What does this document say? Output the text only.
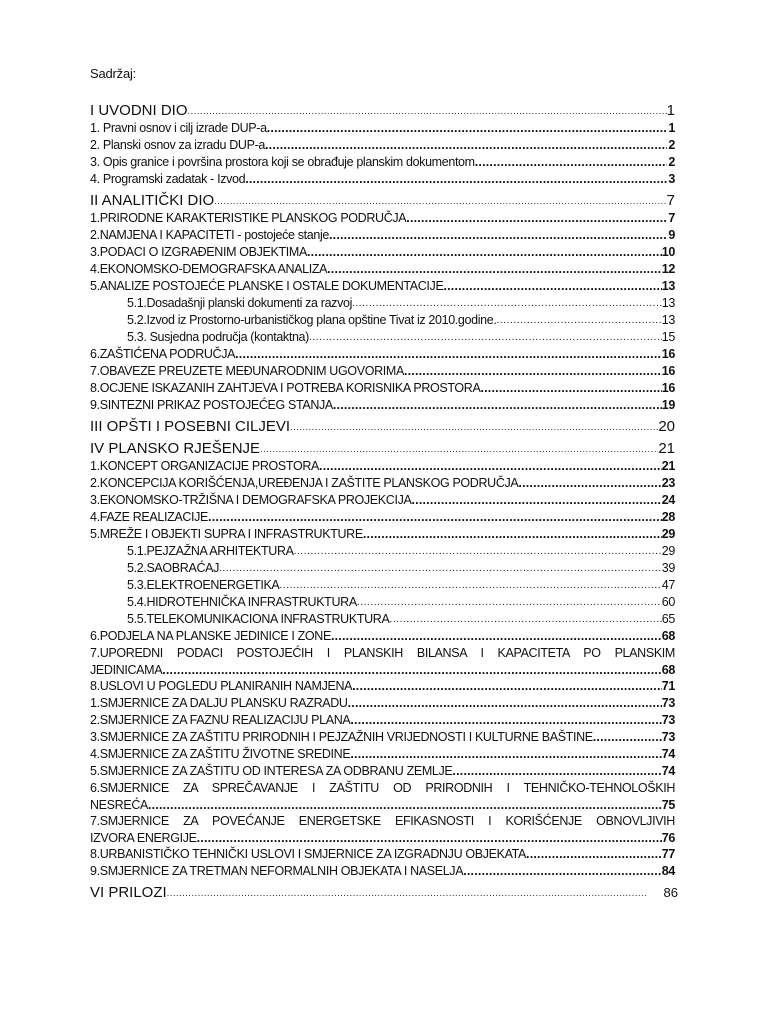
Sadržaj:
I UVODNI DIO .....	1
1. Pravni osnov i cilj izrade DUP-a .....	1
2. Planski osnov za izradu DUP-a .....	2
3. Opis granice i površina prostora koji se obrađuje planskim dokumentom .....	2
4. Programski zadatak - Izvod .....	3
II ANALITIČKI DIO .....	7
1.PRIRODNE KARAKTERISTIKE PLANSKOG PODRUČJA .....	7
2.NAMJENA I KAPACITETI - postojeće stanje .....	9
3.PODACI O IZGRAĐENIM OBJEKTIMA .....	10
4.EKONOMSKO-DEMOGRAFSKA ANALIZA .....	12
5.ANALIZE POSTOJEĆE PLANSKE I OSTALE DOKUMENTACIJE .....	13
5.1.Dosadašnji planski dokumenti za razvoj .....	13
5.2.Izvod iz Prostorno-urbanističkog plana opštine Tivat iz 2010.godine. .....	13
5.3. Susjedna područja (kontaktna) .....	15
6.ZAŠTIĆENA PODRUČJA .....	16
7.OBAVEZE PREUZETE MEĐUNARODNIM UGOVORIMA .....	16
8.OCJENE ISKAZANIH ZAHTJEVA I POTREBA KORISNIKA PROSTORA .....	16
9.SINTEZNI PRIKAZ POSTOJEĆEG STANJA .....	19
III OPŠTI I POSEBNI CILJEVI .....	20
IV PLANSKO RJEŠENJE .....	21
1.KONCEPT ORGANIZACIJE PROSTORA .....	21
2.KONCEPCIJA KORIŠĆENJA,UREĐENJA I ZAŠTITE PLANSKOG PODRUČJA .....	23
3.EKONOMSKO-TRŽIŠNA I DEMOGRAFSKA PROJEKCIJA .....	24
4.FAZE REALIZACIJE .....	28
5.MREŽE I OBJEKTI SUPRA I INFRASTRUKTURE .....	29
5.1.PEJZAŽNA ARHITEKTURA .....	29
5.2.SAOBRAĆAJ .....	39
5.3.ELEKTROENERGETIKA .....	47
5.4.HIDROTEHNIČKA INFRASTRUKTURA .....	60
5.5.TELEKOMUNIKACIONA INFRASTRUKTURA .....	65
6.PODJELA NA PLANSKE JEDINICE I ZONE .....	68
7.UPOREDNI PODACI POSTOJEĆIH I PLANSKIH BILANSA I KAPACITETA PO PLANSKIM
JEDINICAMA .....	68
8.USLOVI U POGLEDU PLANIRANIH NAMJENA .....	71
1.SMJERNICE ZA DALJU PLANSKU RAZRADU .....	73
2.SMJERNICE ZA FAZNU REALIZACIJU PLANA .....	73
3.SMJERNICE ZA ZAŠTITU PRIRODNIH I PEJZAŽNIH VRIJEDNOSTI I KULTURNE BAŠTINE .....	73
4.SMJERNICE ZA ZAŠTITU ŽIVOTNE SREDINE .....	74
5.SMJERNICE ZA ZAŠTITU OD INTERESA ZA ODBRANU ZEMLJE .....	74
6.SMJERNICE ZA SPREČAVANJE I ZAŠTITU OD PRIRODNIH I TEHNIČKO-TEHNOLOŠKIH
NESREĆA .....	75
7.SMJERNICE ZA POVEĆANJE ENERGETSKE EFIKASNOSTI I KORIŠĆENJE OBNOVLJIVIH
IZVORA ENERGIJE .....	76
8.URBANISTIČKO TEHNIČKI USLOVI I SMJERNICE ZA IZGRADNJU OBJEKATA .....	77
9.SMJERNICE ZA TRETMAN NEFORMALNIH OBJEKATA I NASELJA .....	84
VI PRILOZI .....	86
